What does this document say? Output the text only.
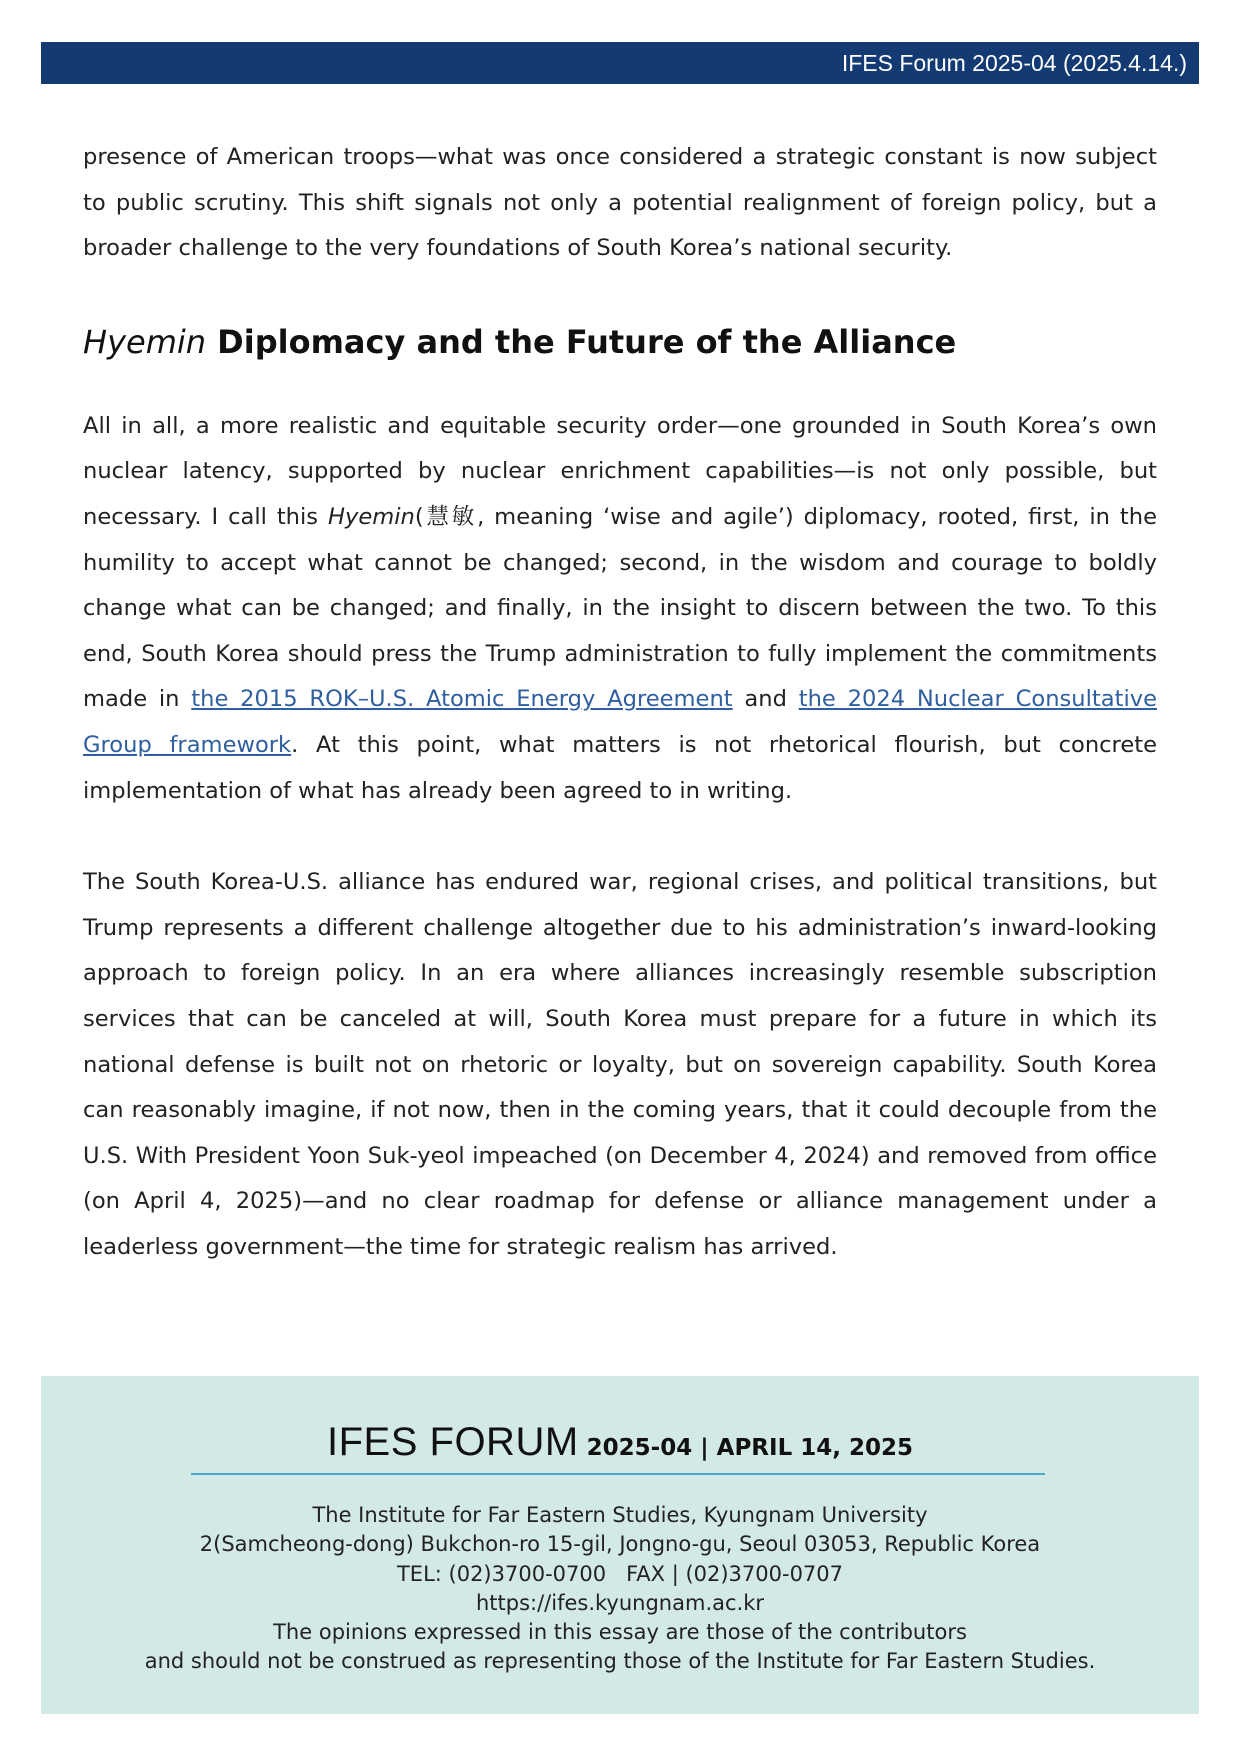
IFES Forum 2025-04 (2025.4.14.)

presence of American troops—what was once considered a strategic constant is now subject to public scrutiny. This shift signals not only a potential realignment of foreign policy, but a broader challenge to the very foundations of South Korea’s national security.

Hyemin Diplomacy and the Future of the Alliance

All in all, a more realistic and equitable security order—one grounded in South Korea’s own nuclear latency, supported by nuclear enrichment capabilities—is not only possible, but necessary. I call this Hyemin(慧敏, meaning ‘wise and agile’) diplomacy, rooted, first, in the humility to accept what cannot be changed; second, in the wisdom and courage to boldly change what can be changed; and finally, in the insight to discern between the two. To this end, South Korea should press the Trump administration to fully implement the commitments made in the 2015 ROK–U.S. Atomic Energy Agreement and the 2024 Nuclear Consultative Group framework. At this point, what matters is not rhetorical flourish, but concrete implementation of what has already been agreed to in writing.

The South Korea-U.S. alliance has endured war, regional crises, and political transitions, but Trump represents a different challenge altogether due to his administration’s inward-looking approach to foreign policy. In an era where alliances increasingly resemble subscription services that can be canceled at will, South Korea must prepare for a future in which its national defense is built not on rhetoric or loyalty, but on sovereign capability. South Korea can reasonably imagine, if not now, then in the coming years, that it could decouple from the U.S. With President Yoon Suk-yeol impeached (on December 4, 2024) and removed from office (on April 4, 2025)—and no clear roadmap for defense or alliance management under a leaderless government—the time for strategic realism has arrived.

IFES FORUM 2025-04 | APRIL 14, 2025
The Institute for Far Eastern Studies, Kyungnam University
2(Samcheong-dong) Bukchon-ro 15-gil, Jongno-gu, Seoul 03053, Republic Korea
TEL: (02)3700-0700   FAX | (02)3700-0707
https://ifes.kyungnam.ac.kr
The opinions expressed in this essay are those of the contributors
and should not be construed as representing those of the Institute for Far Eastern Studies.
